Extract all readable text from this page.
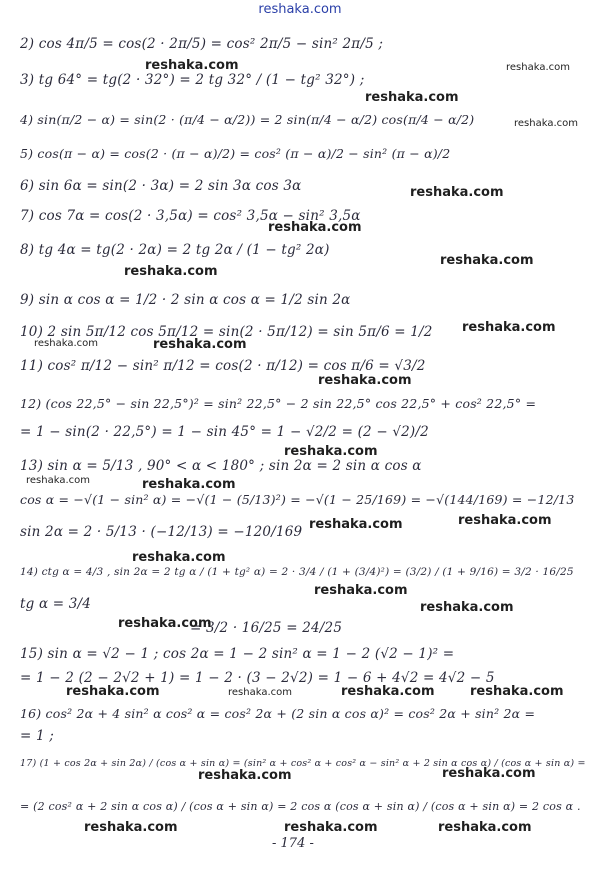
reshaka.com
2) cos 4π/5 = cos(2 · 2π/5) = cos² 2π/5 − sin² 2π/5 ;
3) tg 64° = tg(2 · 32°) = 2 tg 32° / (1 − tg² 32°) ;
4) sin(π/2 − α) = sin(2 · (π/4 − α/2)) = 2 sin(π/4 − α/2) cos(π/4 − α/2)
5) cos(π − α) = cos(2 · (π − α)/2) = cos² (π − α)/2 − sin² (π − α)/2
6) sin 6α = sin(2 · 3α) = 2 sin 3α cos 3α
7) cos 7α = cos(2 · 3,5α) = cos² 3,5α − sin² 3,5α
8) tg 4α = tg(2 · 2α) = 2 tg 2α / (1 − tg² 2α)
9) sin α cos α = 1/2 · 2 sin α cos α = 1/2 sin 2α
10) 2 sin 5π/12 cos 5π/12 = sin(2 · 5π/12) = sin 5π/6 = 1/2
11) cos² π/12 − sin² π/12 = cos(2 · π/12) = cos π/6 = √3/2
12) (cos 22,5° − sin 22,5°)² = sin² 22,5° − 2 sin 22,5° cos 22,5° + cos² 22,5° =
= 1 − sin(2 · 22,5°) = 1 − sin 45° = 1 − √2/2 = (2 − √2)/2
13) sin α = 5/13 , 90° < α < 180° ; sin 2α = 2 sin α cos α
cos α = −√(1 − sin² α) = −√(1 − (5/13)²) = −√(1 − 25/169) = −√(144/169) = −12/13
sin 2α = 2 · 5/13 · (−12/13) = −120/169
14) ctg α = 4/3 , sin 2α = 2 tg α / (1 + tg² α) = 2 · 3/4 / (1 + (3/4)²) = (3/2) / (1 + 9/16) = 3/2 · 16/25
tg α = 3/4
= 3/2 · 16/25 = 24/25
15) sin α = √2 − 1 ; cos 2α = 1 − 2 sin² α = 1 − 2 (√2 − 1)² =
= 1 − 2 (2 − 2√2 + 1) = 1 − 2 · (3 − 2√2) = 1 − 6 + 4√2 = 4√2 − 5
16) cos² 2α + 4 sin² α cos² α = cos² 2α + (2 sin α cos α)² = cos² 2α + sin² 2α =
= 1 ;
17) (1 + cos 2α + sin 2α) / (cos α + sin α) = (sin² α + cos² α + cos² α − sin² α + 2 sin α cos α) / (cos α + sin α) =
= (2 cos² α + 2 sin α cos α) / (cos α + sin α) = 2 cos α (cos α + sin α) / (cos α + sin α) = 2 cos α .
- 174 -
reshaka.com	reshaka.com
reshaka.com
reshaka.com
reshaka.com
reshaka.com
reshaka.com
reshaka.com
reshaka.com
reshaka.com	reshaka.com
reshaka.com
reshaka.com
reshaka.com	reshaka.com
reshaka.com
reshaka.com
reshaka.com
reshaka.com
reshaka.com
reshaka.com
reshaka.com
reshaka.com	reshaka.com	reshaka.com
reshaka.com	reshaka.com
reshaka.com	reshaka.com	reshaka.com
